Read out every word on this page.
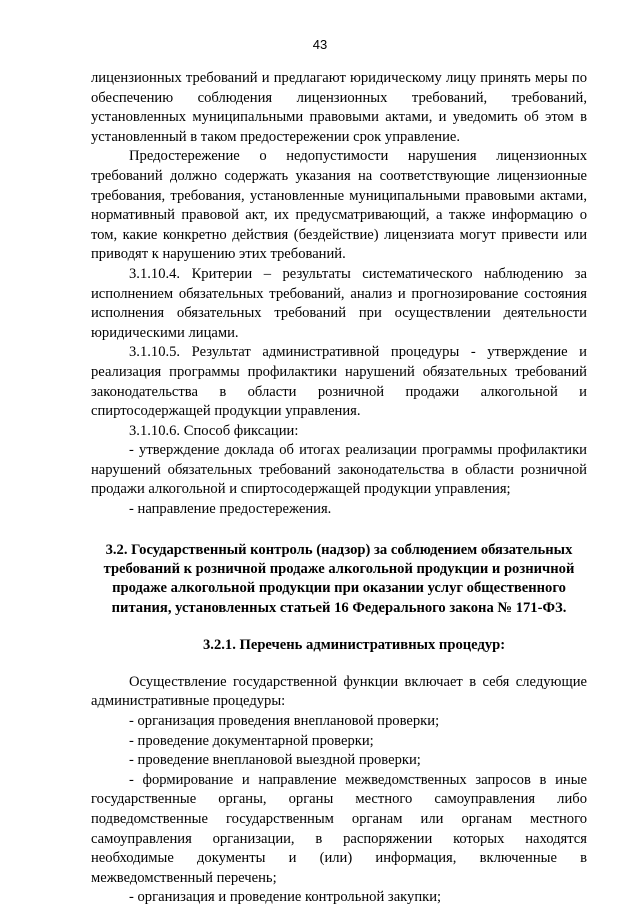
43

лицензионных требований и предлагают юридическому лицу принять меры по обеспечению соблюдения лицензионных требований, требований, установленных муниципальными правовыми актами, и уведомить об этом в установленный в таком предостережении срок управление.

Предостережение о недопустимости нарушения лицензионных требований должно содержать указания на соответствующие лицензионные требования, требования, установленные муниципальными правовыми актами, нормативный правовой акт, их предусматривающий, а также информацию о том, какие конкретно действия (бездействие) лицензиата могут привести или приводят к нарушению этих требований.

3.1.10.4. Критерии – результаты систематического наблюдению за исполнением обязательных требований, анализ и прогнозирование состояния исполнения обязательных требований при осуществлении деятельности юридическими лицами.

3.1.10.5. Результат административной процедуры - утверждение и реализация программы профилактики нарушений обязательных требований законодательства в области розничной продажи алкогольной и спиртосодержащей продукции управления.

3.1.10.6. Способ фиксации:

- утверждение доклада об итогах реализации программы профилактики нарушений обязательных требований законодательства в области розничной продажи алкогольной и спиртосодержащей продукции управления;

- направление предостережения.

3.2. Государственный контроль (надзор) за соблюдением обязательных требований к розничной продаже алкогольной продукции и розничной продаже алкогольной продукции при оказании услуг общественного питания, установленных статьей 16 Федерального закона № 171-ФЗ.

3.2.1. Перечень административных процедур:

Осуществление государственной функции включает в себя следующие административные процедуры:

- организация проведения внеплановой проверки;

- проведение документарной проверки;

- проведение внеплановой выездной проверки;

- формирование и направление межведомственных запросов в иные государственные органы, органы местного самоуправления либо подведомственные государственным органам или органам местного самоуправления организации, в распоряжении которых находятся необходимые документы и (или) информация, включенные в межведомственный перечень;

- организация и проведение контрольной закупки;
